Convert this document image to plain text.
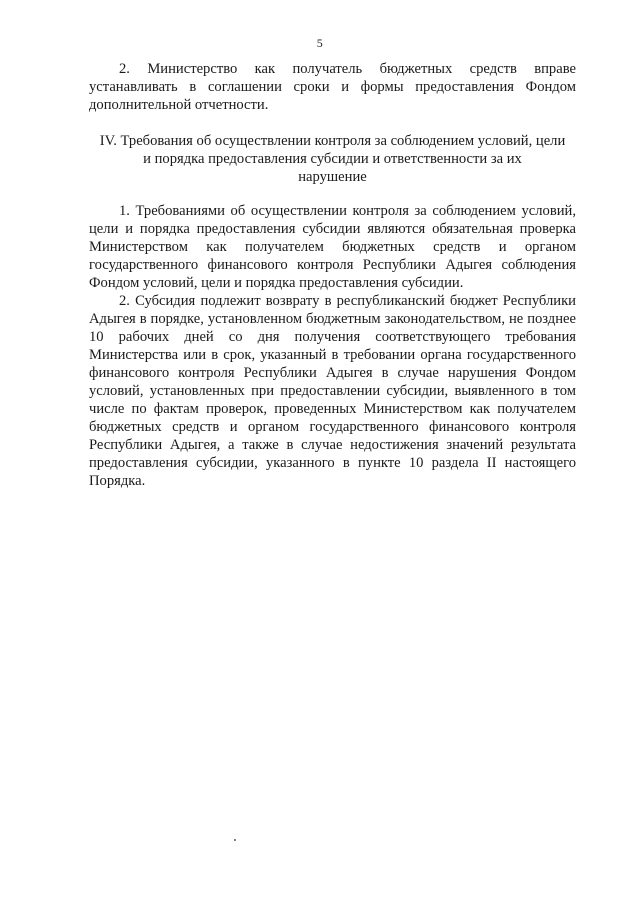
5

2. Министерство как получатель бюджетных средств вправе устанавливать в соглашении сроки и формы предоставления Фондом дополнительной отчетности.

IV. Требования об осуществлении контроля за соблюдением условий, цели
и порядка предоставления субсидии и ответственности за их
нарушение

1. Требованиями об осуществлении контроля за соблюдением условий, цели и порядка предоставления субсидии являются обязательная проверка Министерством как получателем бюджетных средств и органом государственного финансового контроля Республики Адыгея соблюдения Фондом условий, цели и порядка предоставления субсидии.

2. Субсидия подлежит возврату в республиканский бюджет Республики Адыгея в порядке, установленном бюджетным законодательством, не позднее 10 рабочих дней со дня получения соответствующего требования Министерства или в срок, указанный в требовании органа государственного финансового контроля Республики Адыгея в случае нарушения Фондом условий, установленных при предоставлении субсидии, выявленного в том числе по фактам проверок, проведенных Министерством как получателем бюджетных средств и органом государственного финансового контроля Республики Адыгея, а также в случае недостижения значений результата предоставления субсидии, указанного в пункте 10 раздела II настоящего Порядка.
